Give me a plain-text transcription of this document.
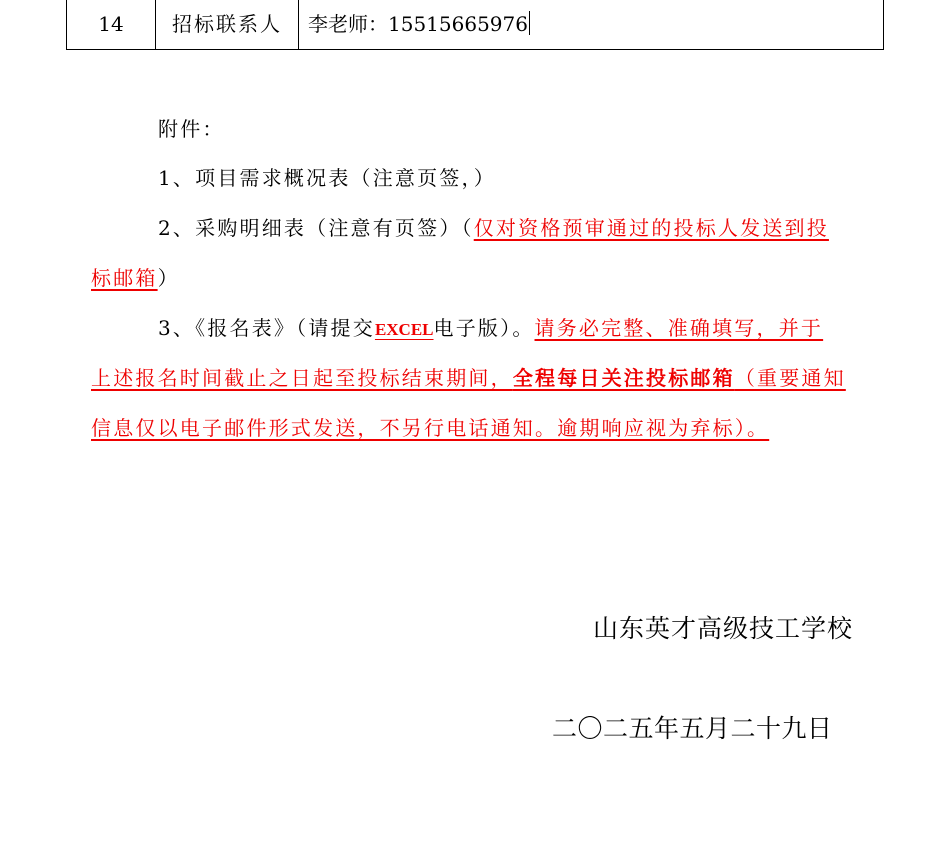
14	招标联系人	李老师：15515665976
附件：
1、项目需求概况表（注意页签，）
2、采购明细表（注意有页签）（仅对资格预审通过的投标人发送到投
标邮箱）
3、《报名表》（请提交EXCEL电子版）。请务必完整、准确填写，并于
上述报名时间截止之日起至投标结束期间，全程每日关注投标邮箱（重要通知
信息仅以电子邮件形式发送，不另行电话通知。逾期响应视为弃标）。
山东英才高级技工学校
二〇二五年五月二十九日
